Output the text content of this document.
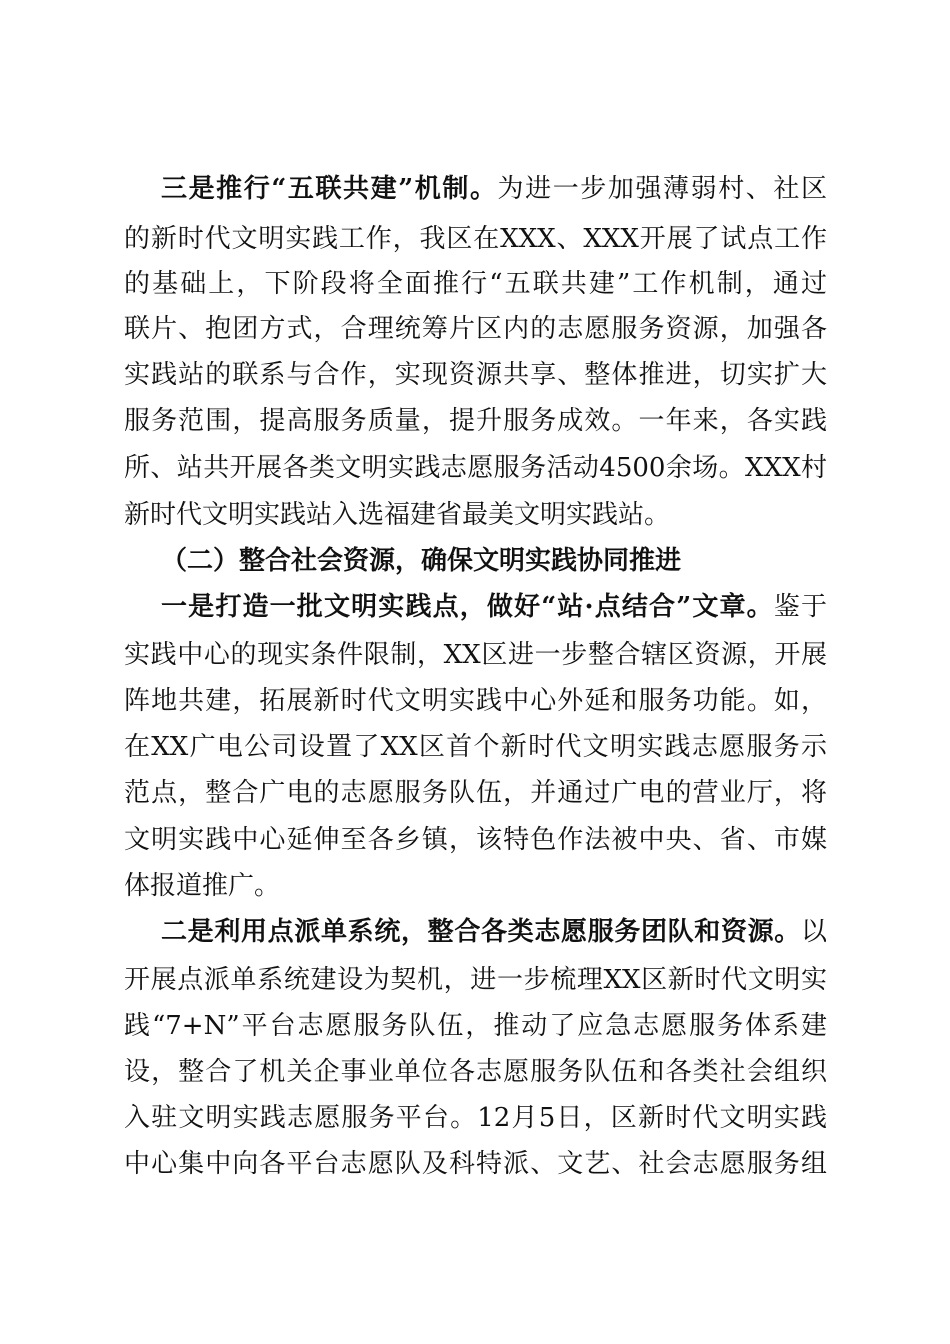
三是推行“五联共建”机制。为进一步加强薄弱村、社区
的新时代文明实践工作，我区在XXX、XXX开展了试点工作
的基础上，下阶段将全面推行“五联共建”工作机制，通过
联片、抱团方式，合理统筹片区内的志愿服务资源，加强各
实践站的联系与合作，实现资源共享、整体推进，切实扩大
服务范围，提高服务质量，提升服务成效。一年来，各实践
所、站共开展各类文明实践志愿服务活动4500余场。XXX村
新时代文明实践站入选福建省最美文明实践站。
（二）整合社会资源，确保文明实践协同推进
一是打造一批文明实践点，做好“站·点结合”文章。鉴于
实践中心的现实条件限制，XX区进一步整合辖区资源，开展
阵地共建，拓展新时代文明实践中心外延和服务功能。如，
在XX广电公司设置了XX区首个新时代文明实践志愿服务示
范点，整合广电的志愿服务队伍，并通过广电的营业厅，将
文明实践中心延伸至各乡镇，该特色作法被中央、省、市媒
体报道推广。
二是利用点派单系统，整合各类志愿服务团队和资源。以
开展点派单系统建设为契机，进一步梳理XX区新时代文明实
践“7+N”平台志愿服务队伍，推动了应急志愿服务体系建
设，整合了机关企事业单位各志愿服务队伍和各类社会组织
入驻文明实践志愿服务平台。12月5日，区新时代文明实践
中心集中向各平台志愿队及科特派、文艺、社会志愿服务组
